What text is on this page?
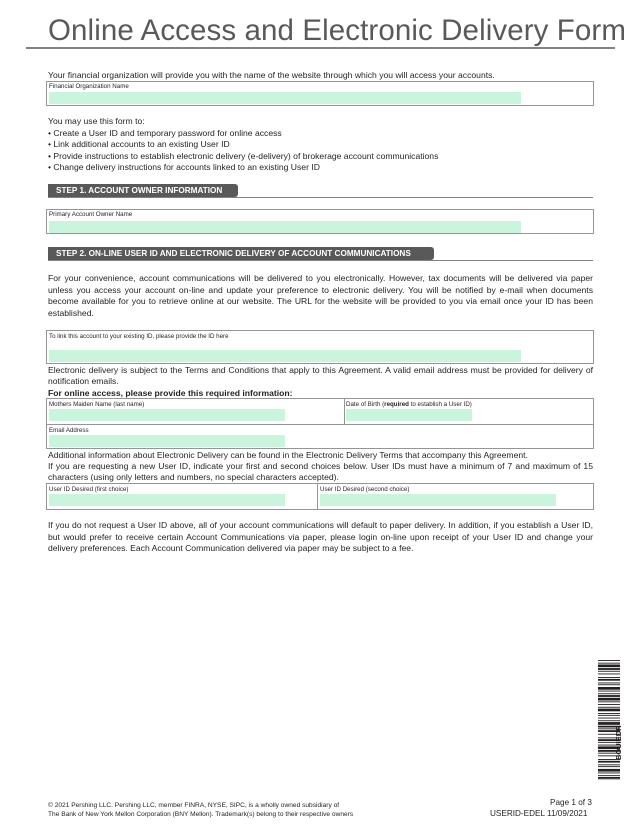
Online Access and Electronic Delivery Form
Your financial organization will provide you with the name of the website through which you will access your accounts.
Financial Organization Name
You may use this form to:
• Create a User ID and temporary password for online access
• Link additional accounts to an existing User ID
• Provide instructions to establish electronic delivery (e-delivery) of brokerage account communications
• Change delivery instructions for accounts linked to an existing User ID
STEP 1. ACCOUNT OWNER INFORMATION
Primary Account Owner Name
STEP 2. ON-LINE USER ID AND ELECTRONIC DELIVERY OF ACCOUNT COMMUNICATIONS
For your convenience, account communications will be delivered to you electronically. However, tax documents will be delivered via paper unless you access your account on-line and update your preference to electronic delivery. You will be notified by e-mail when documents become available for you to retrieve online at our website. The URL for the website will be provided to you via email once your ID has been established.
To link this account to your existing ID, please provide the ID here
Electronic delivery is subject to the Terms and Conditions that apply to this Agreement. A valid email address must be provided for delivery of notification emails.
For online access, please provide this required information:
Mothers Maiden Name (last name)	Date of Birth (required to establish a User ID)
Email Address
Additional information about Electronic Delivery can be found in the Electronic Delivery Terms that accompany this Agreement.
If you are requesting a new User ID, indicate your first and second choices below. User IDs must have a minimum of 7 and maximum of 15 characters (using only letters and numbers, no special characters accepted).
User ID Desired (first choice)	User ID Desired (second choice)
If you do not request a User ID above, all of your account communications will default to paper delivery. In addition, if you establish a User ID, but would prefer to receive certain Account Communications via paper, please login on-line upon receipt of your User ID and change your delivery preferences. Each Account Communication delivered via paper may be subject to a fee.
BOUIEDR
© 2021 Pershing LLC. Pershing LLC, member FINRA, NYSE, SIPC, is a wholly owned subsidiary of
The Bank of New York Mellon Corporation (BNY Mellon). Trademark(s) belong to their respective owners
Page 1 of 3
USERID-EDEL 11/09/2021
